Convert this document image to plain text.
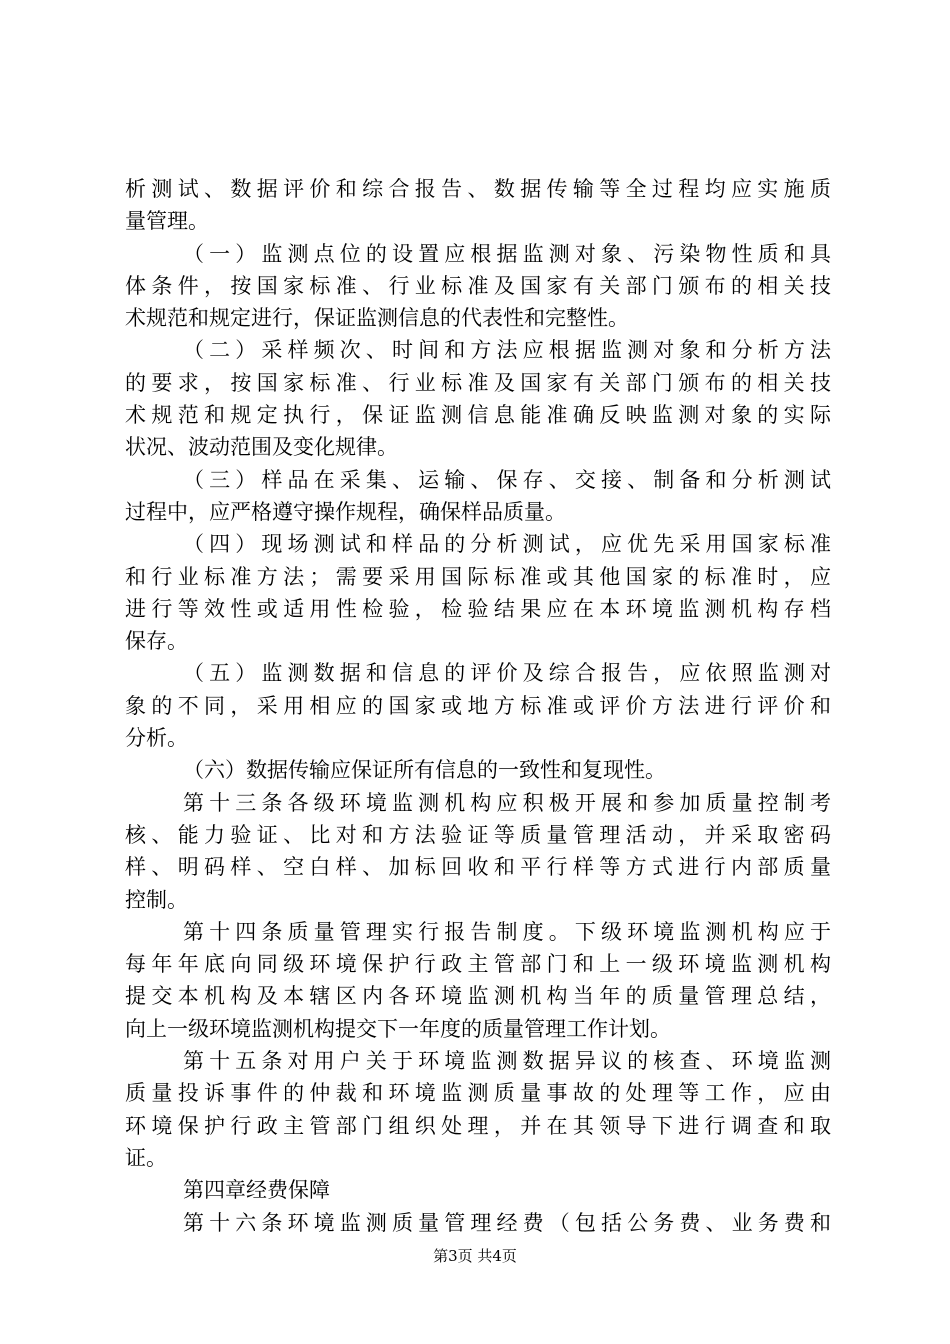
析测试、数据评价和综合报告、数据传输等全过程均应实施质
量管理。
（一）监测点位的设置应根据监测对象、污染物性质和具
体条件，按国家标准、行业标准及国家有关部门颁布的相关技
术规范和规定进行，保证监测信息的代表性和完整性。
（二）采样频次、时间和方法应根据监测对象和分析方法
的要求，按国家标准、行业标准及国家有关部门颁布的相关技
术规范和规定执行，保证监测信息能准确反映监测对象的实际
状况、波动范围及变化规律。
（三）样品在采集、运输、保存、交接、制备和分析测试
过程中，应严格遵守操作规程，确保样品质量。
（四）现场测试和样品的分析测试，应优先采用国家标准
和行业标准方法；需要采用国际标准或其他国家的标准时，应
进行等效性或适用性检验，检验结果应在本环境监测机构存档
保存。
（五）监测数据和信息的评价及综合报告，应依照监测对
象的不同，采用相应的国家或地方标准或评价方法进行评价和
分析。
（六）数据传输应保证所有信息的一致性和复现性。
第十三条各级环境监测机构应积极开展和参加质量控制考
核、能力验证、比对和方法验证等质量管理活动，并采取密码
样、明码样、空白样、加标回收和平行样等方式进行内部质量
控制。
第十四条质量管理实行报告制度。下级环境监测机构应于
每年年底向同级环境保护行政主管部门和上一级环境监测机构
提交本机构及本辖区内各环境监测机构当年的质量管理总结，
向上一级环境监测机构提交下一年度的质量管理工作计划。
第十五条对用户关于环境监测数据异议的核查、环境监测
质量投诉事件的仲裁和环境监测质量事故的处理等工作，应由
环境保护行政主管部门组织处理，并在其领导下进行调查和取
证。
第四章经费保障
第十六条环境监测质量管理经费（包括公务费、业务费和
第3页 共4页
